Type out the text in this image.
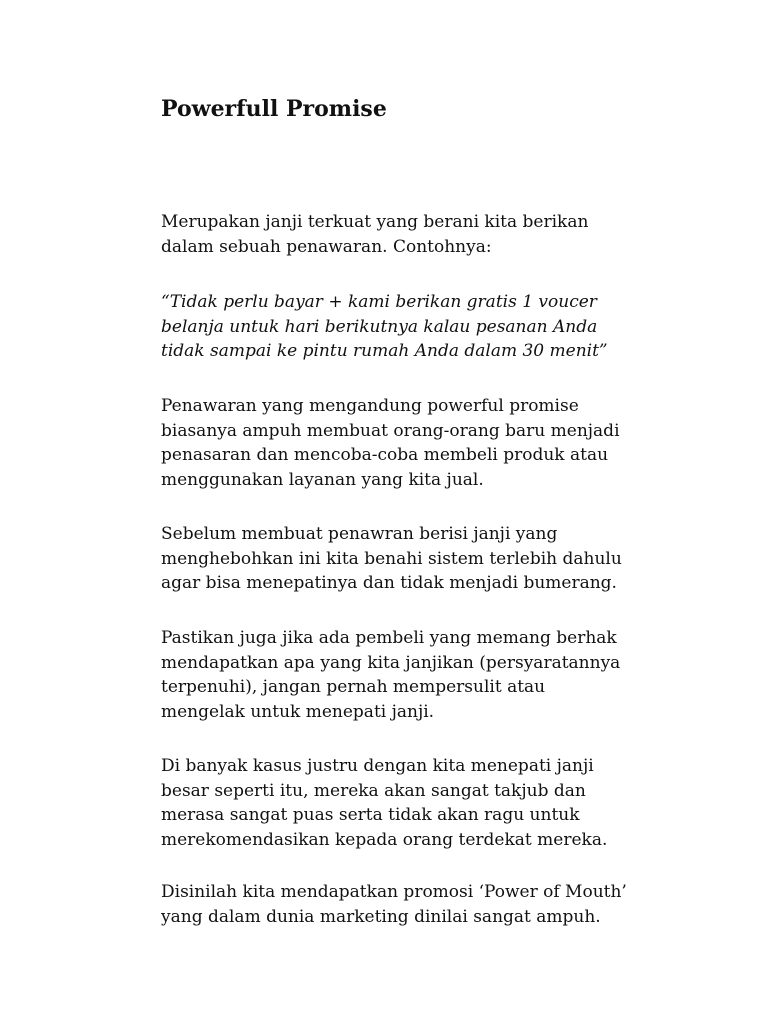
Powerfull Promise

Merupakan janji terkuat yang berani kita berikan
dalam sebuah penawaran. Contohnya:

“Tidak perlu bayar + kami berikan gratis 1 voucer
belanja untuk hari berikutnya kalau pesanan Anda
tidak sampai ke pintu rumah Anda dalam 30 menit”

Penawaran yang mengandung powerful promise
biasanya ampuh membuat orang-orang baru menjadi
penasaran dan mencoba-coba membeli produk atau
menggunakan layanan yang kita jual.

Sebelum membuat penawran berisi janji yang
menghebohkan ini kita benahi sistem terlebih dahulu
agar bisa menepatinya dan tidak menjadi bumerang.

Pastikan juga jika ada pembeli yang memang berhak
mendapatkan apa yang kita janjikan (persyaratannya
terpenuhi), jangan pernah mempersulit atau
mengelak untuk menepati janji.

Di banyak kasus justru dengan kita menepati janji
besar seperti itu, mereka akan sangat takjub dan
merasa sangat puas serta tidak akan ragu untuk
merekomendasikan kepada orang terdekat mereka.

Disinilah kita mendapatkan promosi ‘Power of Mouth’
yang dalam dunia marketing dinilai sangat ampuh.
